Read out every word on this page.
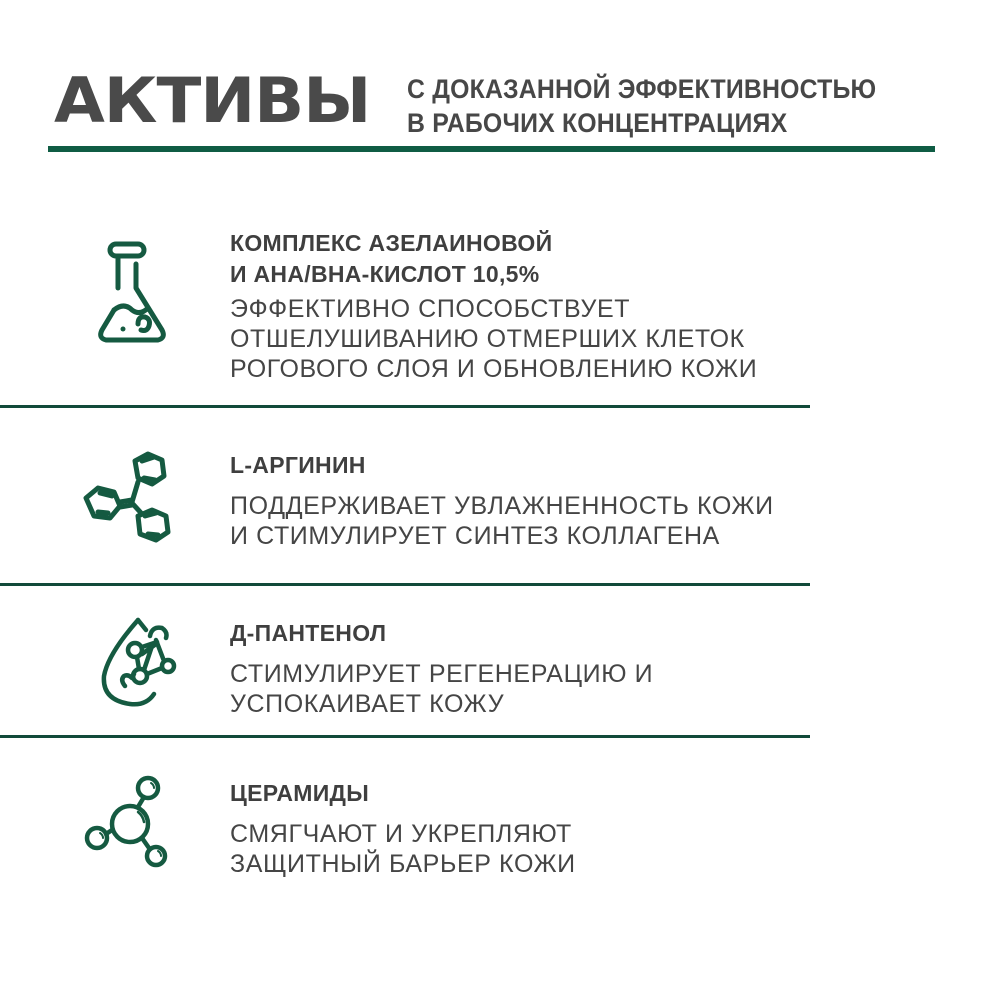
АКТИВЫ С ДОКАЗАННОЙ ЭФФЕКТИВНОСТЬЮ
В РАБОЧИХ КОНЦЕНТРАЦИЯХ
КОМПЛЕКС АЗЕЛАИНОВОЙ
И АНА/ВНА-КИСЛОТ 10,5%
ЭФФЕКТИВНО СПОСОБСТВУЕТ
ОТШЕЛУШИВАНИЮ ОТМЕРШИХ КЛЕТОК
РОГОВОГО СЛОЯ И ОБНОВЛЕНИЮ КОЖИ
L-АРГИНИН
ПОДДЕРЖИВАЕТ УВЛАЖНЕННОСТЬ КОЖИ
И СТИМУЛИРУЕТ СИНТЕЗ КОЛЛАГЕНА
Д-ПАНТЕНОЛ
СТИМУЛИРУЕТ РЕГЕНЕРАЦИЮ И
УСПОКАИВАЕТ КОЖУ
ЦЕРАМИДЫ
СМЯГЧАЮТ И УКРЕПЛЯЮТ
ЗАЩИТНЫЙ БАРЬЕР КОЖИ
